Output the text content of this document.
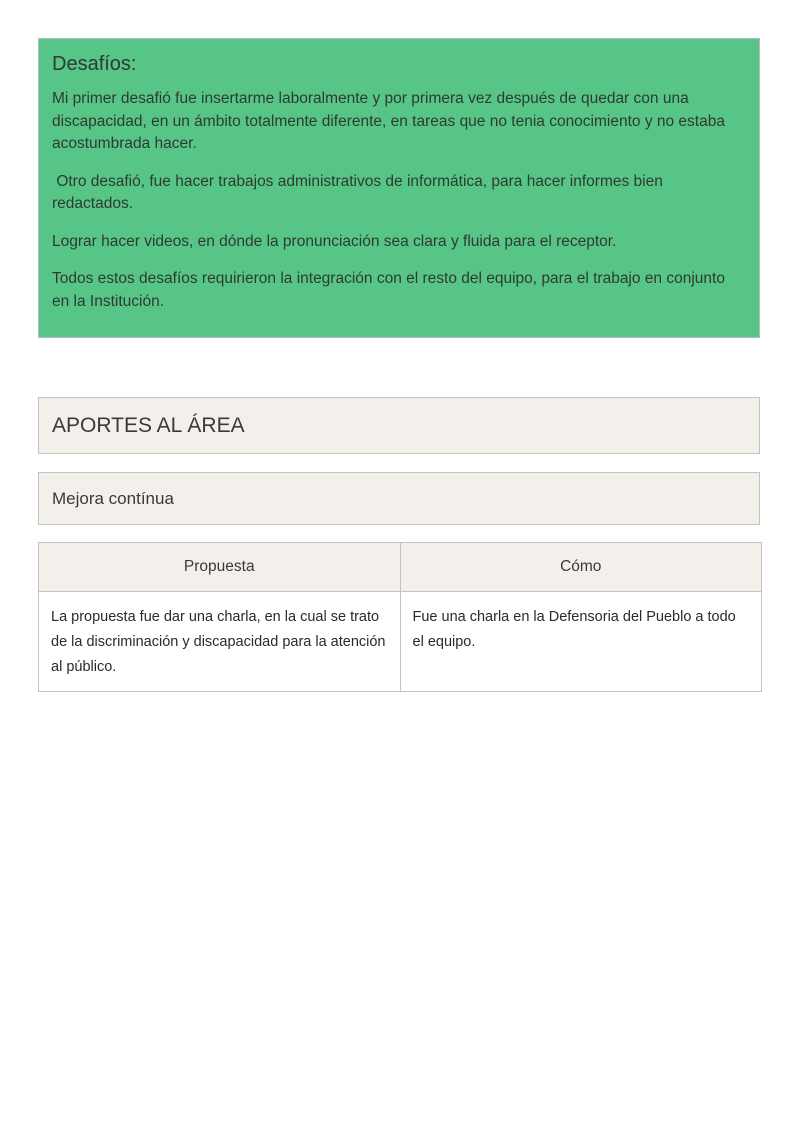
Desafíos:

Mi primer desafió fue insertarme laboralmente y por primera vez después de quedar con una discapacidad, en un ámbito totalmente diferente, en tareas que no tenia conocimiento y no estaba acostumbrada hacer.

Otro desafió, fue hacer trabajos administrativos de informática, para hacer informes bien redactados.

Lograr hacer videos, en dónde la pronunciación sea clara y fluida para el receptor.

Todos estos desafíos requirieron la integración con el resto del equipo, para el trabajo en conjunto en la Institución.

APORTES AL ÁREA
Mejora contínua
Propuesta	Cómo
La propuesta fue dar una charla, en la cual se trato de la discriminación y discapacidad para la atención al público.	Fue una charla en la Defensoria del Pueblo a todo el equipo.
